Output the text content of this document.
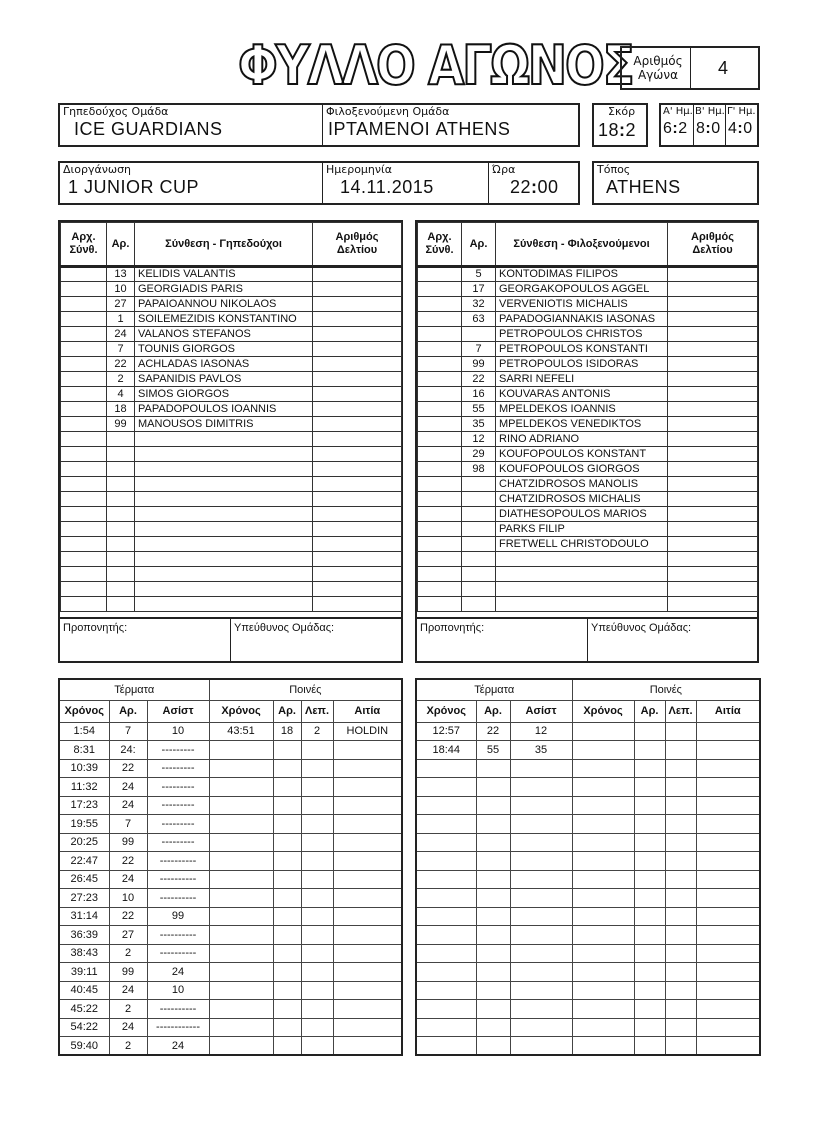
ΦΥΛΛΟ ΑΓΩΝΟΣ Αριθμός Αγώνα	4
Γηπεδούχος Ομάδα
ICE GUARDIANS
Φιλοξενούμενη Ομάδα
ΙΡΤΑΜΕΝΟΙ ATHENS
Σκόρ
18:2
Α' Ημ. Β' Ημ. Γ' Ημ.
6:2 8:0 4:0
Διοργάνωση
1 JUNIOR CUP
Ημερομηνία
14.11.2015
Ώρα
22:00
Τόπος
ATHENS
Αρχ. Σύνθ.	Αρ.	Σύνθεση - Γηπεδούχοι	Αριθμός Δελτίου
	13	KELIDIS VALANTIS	
	10	GEORGIADIS PARIS	
	27	PAPAIOANNOU NIKOLAOS	
	1	SOILEMEZIDIS KONSTANTINO	
	24	VALANOS STEFANOS	
	7	TOUNIS GIORGOS	
	22	ACHLADAS IASONAS	
	2	SAPANIDIS PAVLOS	
	4	SIMOS GIORGOS	
	18	PAPADOPOULOS IOANNIS	
	99	MANOUSOS DIMITRIS	

Προπονητής:	Υπεύθυνος Ομάδας:
Αρχ. Σύνθ.	Αρ.	Σύνθεση - Φιλοξενούμενοι	Αριθμός Δελτίου
	5	KONTODIMAS FILIPOS	
	17	GEORGAKOPOULOS AGGEL	
	32	VERVENIOTIS MICHALIS	
	63	PAPADOGIANNAKIS IASONAS	
		PETROPOULOS CHRISTOS	
	7	PETROPOULOS KONSTANTI	
	99	PETROPOULOS ISIDORAS	
	22	SARRI NEFELI	
	16	KOUVARAS ANTONIS	
	55	MPELDEKOS IOANNIS	
	35	MPELDEKOS VENEDIKTOS	
	12	RINO ADRIANO	
	29	KOUFOPOULOS KONSTANT	
	98	KOUFOPOULOS GIORGOS	
		CHATZIDROSOS MANOLIS	
		CHATZIDROSOS MICHALIS	
		DIATHESOPOULOS MARIOS	
		PARKS FILIP	
		FRETWELL CHRISTODOULO	

Προπονητής:	Υπεύθυνος Ομάδας:
Τέρματα			Ποινές			
Χρόνος	Αρ.	Ασίστ	Χρόνος	Αρ.	Λεπ.	Αιτία
1:54	7	10	43:51	18	2	HOLDIN
8:31	24:	---------				
10:39	22	---------				
11:32	24	---------				
17:23	24	---------				
19:55	7	---------				
20:25	99	---------				
22:47	22	----------				
26:45	24	----------				
27:23	10	----------				
31:14	22	99				
36:39	27	----------				
38:43	2	----------				
39:11	99	24				
40:45	24	10				
45:22	2	----------				
54:22	24	------------				
59:40	2	24				
Τέρματα			Ποινές			
Χρόνος	Αρ.	Ασίστ	Χρόνος	Αρ.	Λεπ.	Αιτία
12:57	22	12				
18:44	55	35				
